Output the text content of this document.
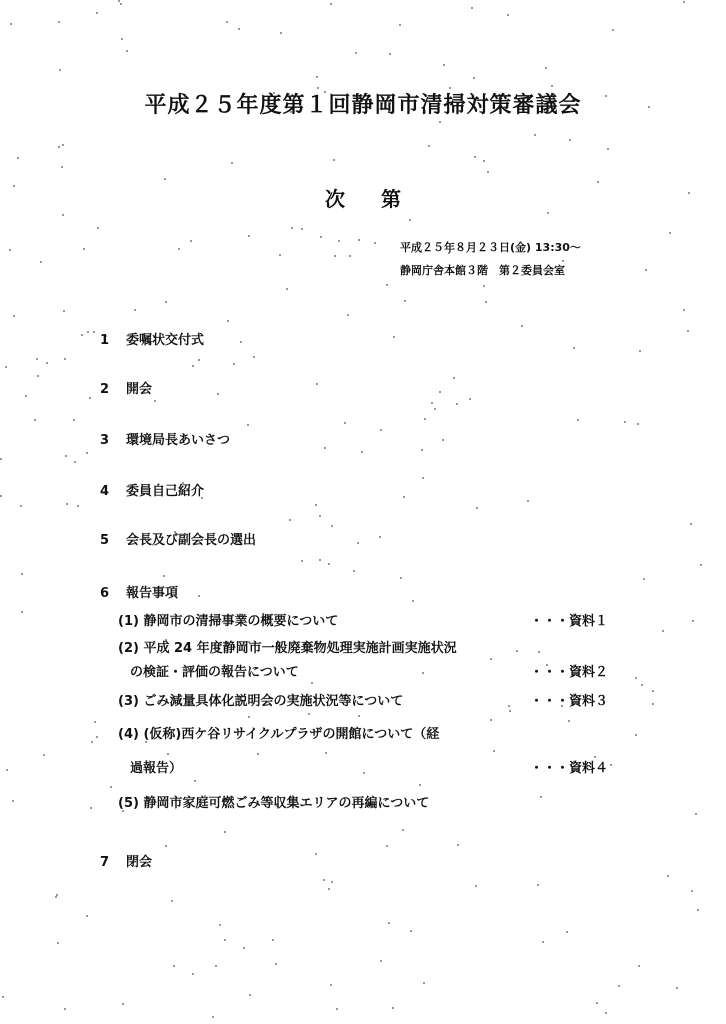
平成２５年度第１回静岡市清掃対策審議会
次第
平成２５年８月２３日(金) 13:30～
静岡庁舎本館３階　第２委員会室
1 委嘱状交付式
2 開会
3 環境局長あいさつ
4 委員自己紹介
5 会長及び副会長の選出
6 報告事項
(1) 静岡市の清掃事業の概要について	・・・資料１
(2) 平成 24 年度静岡市一般廃棄物処理実施計画実施状況
の検証・評価の報告について	・・・資料２
(3) ごみ減量具体化説明会の実施状況等について	・・・資料３
(4) (仮称)西ケ谷リサイクルプラザの開館について（経
過報告）	・・・資料４
(5) 静岡市家庭可燃ごみ等収集エリアの再編について
7 閉会
